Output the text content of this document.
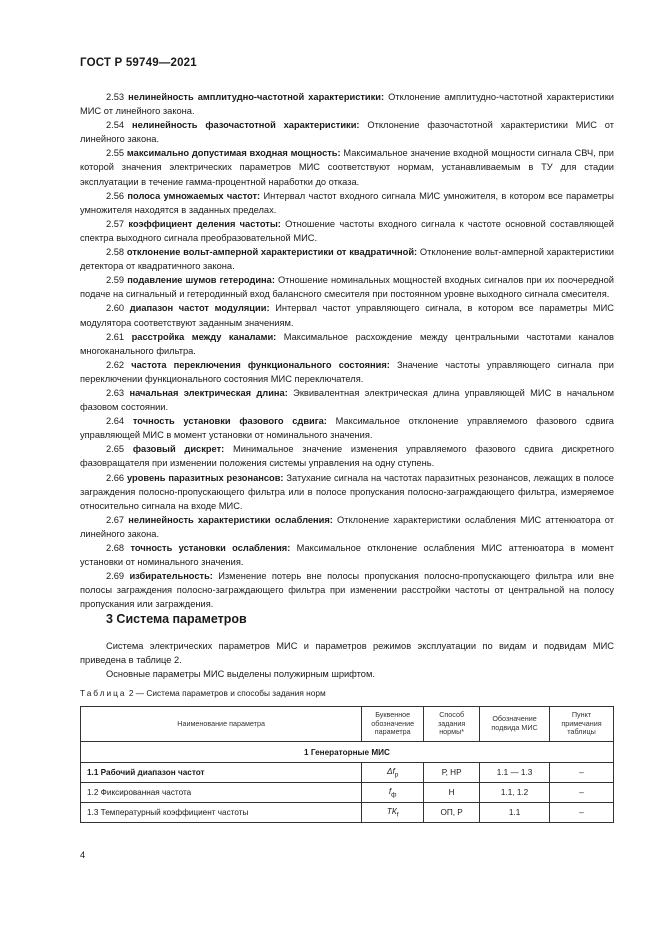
ГОСТ Р 59749—2021

2.53 нелинейность амплитудно-частотной характеристики: Отклонение амплитудно-частотной характеристики МИС от линейного закона.

2.54 нелинейность фазочастотной характеристики: Отклонение фазочастотной характеристики МИС от линейного закона.

2.55 максимально допустимая входная мощность: Максимальное значение входной мощности сигнала СВЧ, при которой значения электрических параметров МИС соответствуют нормам, устанавливаемым в ТУ для стадии эксплуатации в течение гамма-процентной наработки до отказа.

2.56 полоса умножаемых частот: Интервал частот входного сигнала МИС умножителя, в котором все параметры умножителя находятся в заданных пределах.

2.57 коэффициент деления частоты: Отношение частоты входного сигнала к частоте основной составляющей спектра выходного сигнала преобразовательной МИС.

2.58 отклонение вольт-амперной характеристики от квадратичной: Отклонение вольт-амперной характеристики детектора от квадратичного закона.

2.59 подавление шумов гетеродина: Отношение номинальных мощностей входных сигналов при их поочередной подаче на сигнальный и гетеродинный вход балансного смесителя при постоянном уровне выходного сигнала смесителя.

2.60 диапазон частот модуляции: Интервал частот управляющего сигнала, в котором все параметры МИС модулятора соответствуют заданным значениям.

2.61 расстройка между каналами: Максимальное расхождение между центральными частотами каналов многоканального фильтра.

2.62 частота переключения функционального состояния: Значение частоты управляющего сигнала при переключении функционального состояния МИС переключателя.

2.63 начальная электрическая длина: Эквивалентная электрическая длина управляющей МИС в начальном фазовом состоянии.

2.64 точность установки фазового сдвига: Максимальное отклонение управляемого фазового сдвига управляющей МИС в момент установки от номинального значения.

2.65 фазовый дискрет: Минимальное значение изменения управляемого фазового сдвига дискретного фазовращателя при изменении положения системы управления на одну ступень.

2.66 уровень паразитных резонансов: Затухание сигнала на частотах паразитных резонансов, лежащих в полосе заграждения полосно-пропускающего фильтра или в полосе пропускания полосно-заграждающего фильтра, измеряемое относительно сигнала на входе МИС.

2.67 нелинейность характеристики ослабления: Отклонение характеристики ослабления МИС аттенюатора от линейного закона.

2.68 точность установки ослабления: Максимальное отклонение ослабления МИС аттенюатора в момент установки от номинального значения.

2.69 избирательность: Изменение потерь вне полосы пропускания полосно-пропускающего фильтра или вне полосы заграждения полосно-заграждающего фильтра при изменении расстройки частоты от центральной на полосу пропускания или заграждения.

3 Система параметров

Система электрических параметров МИС и параметров режимов эксплуатации по видам и подвидам МИС приведена в таблице 2.

Основные параметры МИС выделены полужирным шрифтом.

Таблица 2 — Система параметров и способы задания норм
Наименование параметра	Буквенное обозначение параметра	Способ задания нормы*	Обозначение подвида МИС	Пункт примечания таблицы
1 Генераторные МИС				
1.1 Рабочий диапазон частот	$\Delta f_р$	Р, НР	1.1 — 1.3	–
1.2 Фиксированная частота	$f_ф$	Н	1.1, 1.2	–
1.3 Температурный коэффициент частоты	$ТК_f$	ОП, Р	1.1	–
4
